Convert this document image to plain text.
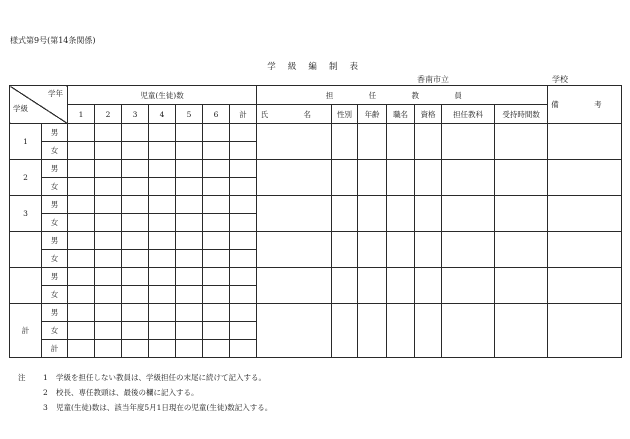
様式第9号(第14条関係)
学 級 編 制 表
香南市立	学校
学年
学級		児童(生徒)数							担 任 教 員							備 考
		1	2	3	4	5	6	計	氏 名	性別	年齢	職名	資格	担任教科	受持時間数	
1	男															
	女															
2	男															
	女															
3	男															
	女															
	男															
	女															
	男															
	女															
計	男															
	女															
	計															
注	1	学級を担任しない教員は、学級担任の末尾に続けて記入する。
2	校長、専任教頭は、最後の欄に記入する。
3	児童(生徒)数は、該当年度5月1日現在の児童(生徒)数記入する。
